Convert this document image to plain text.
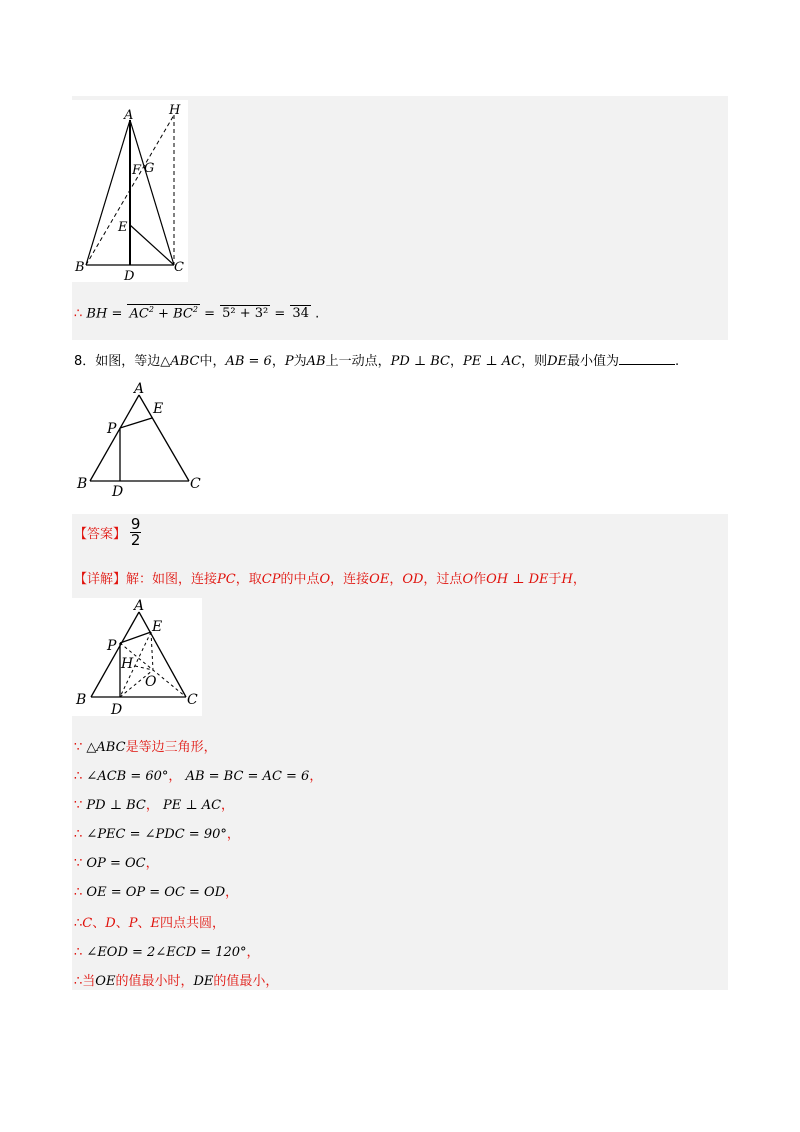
A	H
F G
E
B	C
D
∴ BH = $AC^2 + BC^2 = 5^2 + 3^2 = 34$ .
8．如图，等边△ABC中，AB = 6，P为AB上一动点，PD ⊥ BC，PE ⊥ AC，则DE最小值为	.
A
E
P
B D	C
【答案】 $\frac{9}{2}$
【详解】解：如图，连接PC，取CP的中点O，连接OE，OD，过点O作OH ⊥ DE于H，
A
E
P
H
O
B
D
C
∵ △ABC是等边三角形，
∴ ∠ACB = 60°， AB = BC = AC = 6，
∵ PD ⊥ BC， PE ⊥ AC，
∴ ∠PEC = ∠PDC = 90°，
∵ OP = OC，
∴ OE = OP = OC = OD，
∴C、D、P、E四点共圆，
∴ ∠EOD = 2∠ECD = 120°，
∴当OE的值最小时，DE的值最小，
